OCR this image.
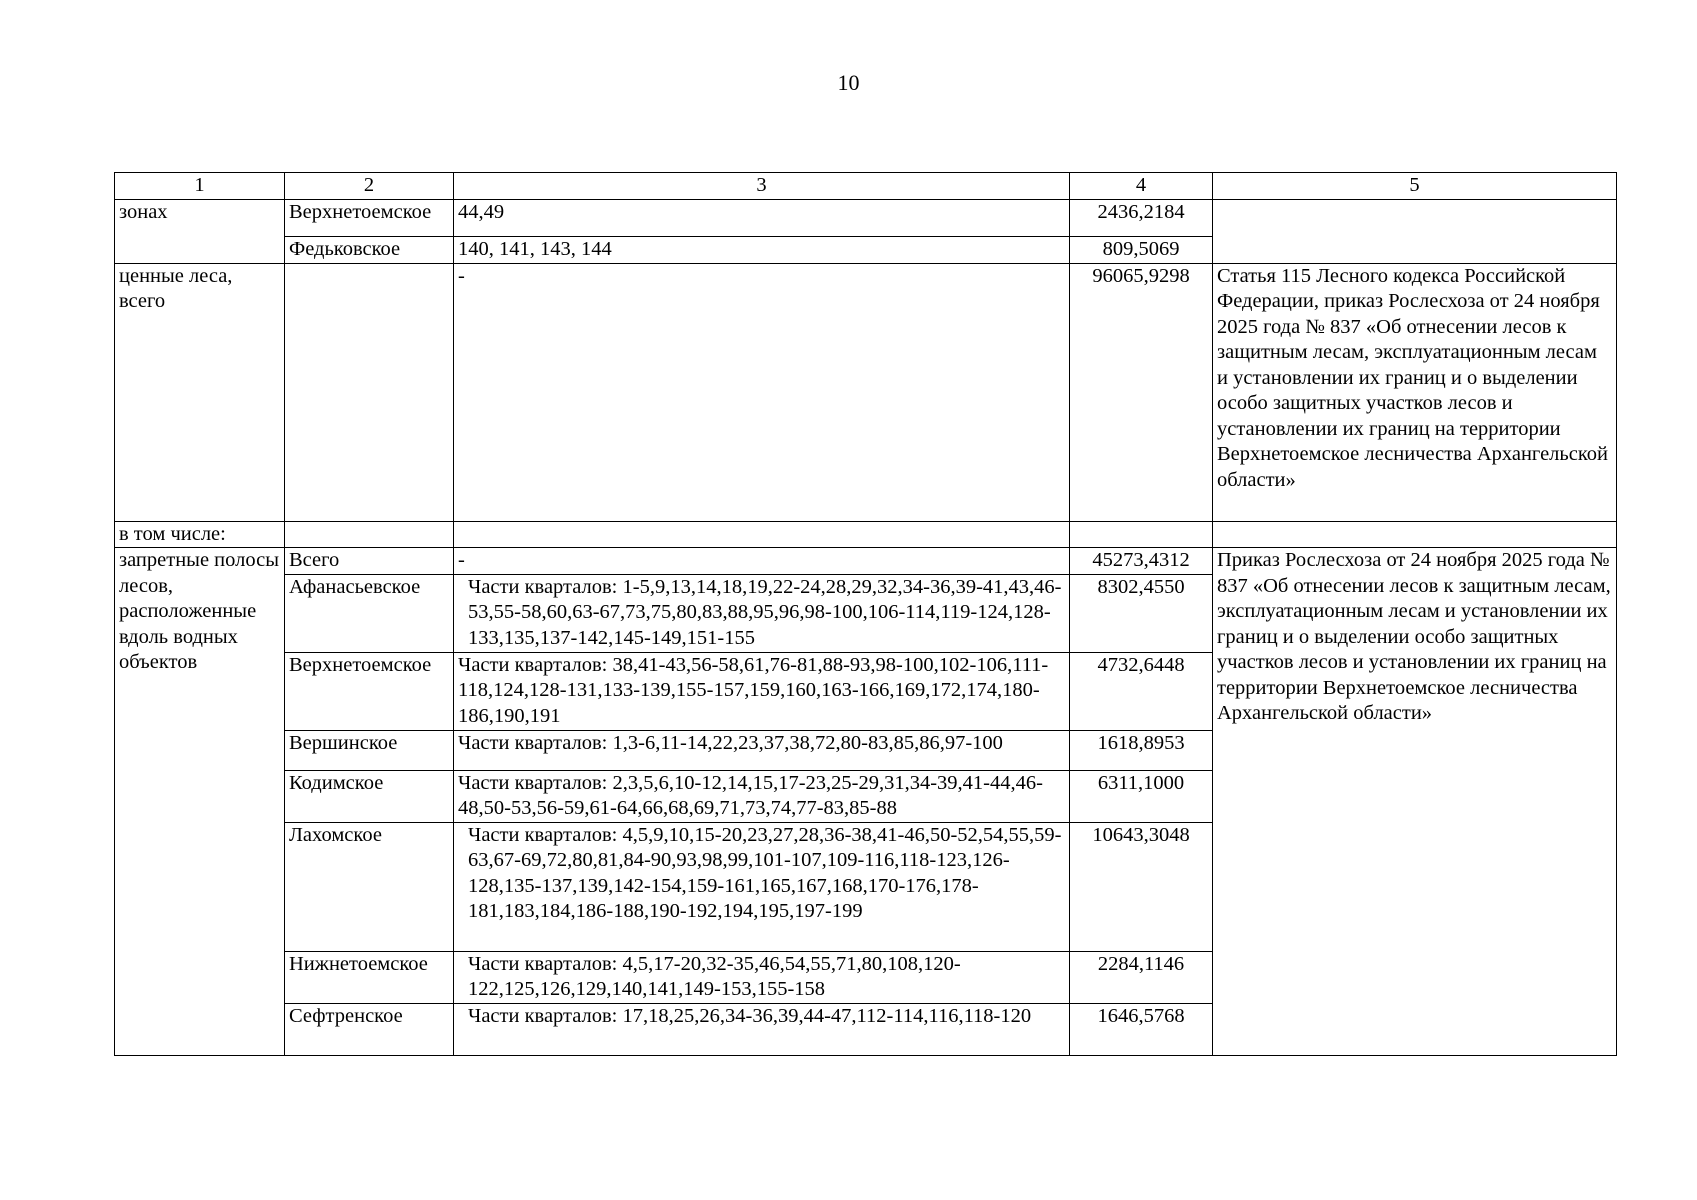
10
1	2	3	4	5
зонах	Верхнетоемское	44,49	2436,2184	
	Федьковское	140, 141, 143, 144	809,5069	
ценные леса, всего		-	96065,9298	Статья 115 Лесного кодекса Российской Федерации, приказ Рослесхоза от 24 ноября 2025 года № 837 «Об отнесении лесов к защитным лесам, эксплуатационным лесам и установлении их границ и о выделении особо защитных участков лесов и установлении их границ на территории Верхнетоемское лесничества Архангельской области»
в том числе:				
запретные полосы лесов, расположенные вдоль водных объектов	Всего	-	45273,4312	Приказ Рослесхоза от 24 ноября 2025 года № 837 «Об отнесении лесов к защитным лесам, эксплуатационным лесам и установлении их границ и о выделении особо защитных участков лесов и установлении их границ на территории Верхнетоемское лесничества Архангельской области»
	Афанасьевское	Части кварталов: 1-5,9,13,14,18,19,22-24,28,29,32,34-36,39-41,43,46-53,55-58,60,63-67,73,75,80,83,88,95,96,98-100,106-114,119-124,128-133,135,137-142,145-149,151-155	8302,4550	
	Верхнетоемское	Части кварталов: 38,41-43,56-58,61,76-81,88-93,98-100,102-106,111-118,124,128-131,133-139,155-157,159,160,163-166,169,172,174,180-186,190,191	4732,6448	
	Вершинское	Части кварталов: 1,3-6,11-14,22,23,37,38,72,80-83,85,86,97-100	1618,8953	
	Кодимское	Части кварталов: 2,3,5,6,10-12,14,15,17-23,25-29,31,34-39,41-44,46-48,50-53,56-59,61-64,66,68,69,71,73,74,77-83,85-88	6311,1000	
	Лахомское	Части кварталов: 4,5,9,10,15-20,23,27,28,36-38,41-46,50-52,54,55,59-63,67-69,72,80,81,84-90,93,98,99,101-107,109-116,118-123,126-128,135-137,139,142-154,159-161,165,167,168,170-176,178-181,183,184,186-188,190-192,194,195,197-199	10643,3048	
	Нижнетоемское	Части кварталов: 4,5,17-20,32-35,46,54,55,71,80,108,120-122,125,126,129,140,141,149-153,155-158	2284,1146	
	Сефтренское	Части кварталов: 17,18,25,26,34-36,39,44-47,112-114,116,118-120	1646,5768	
